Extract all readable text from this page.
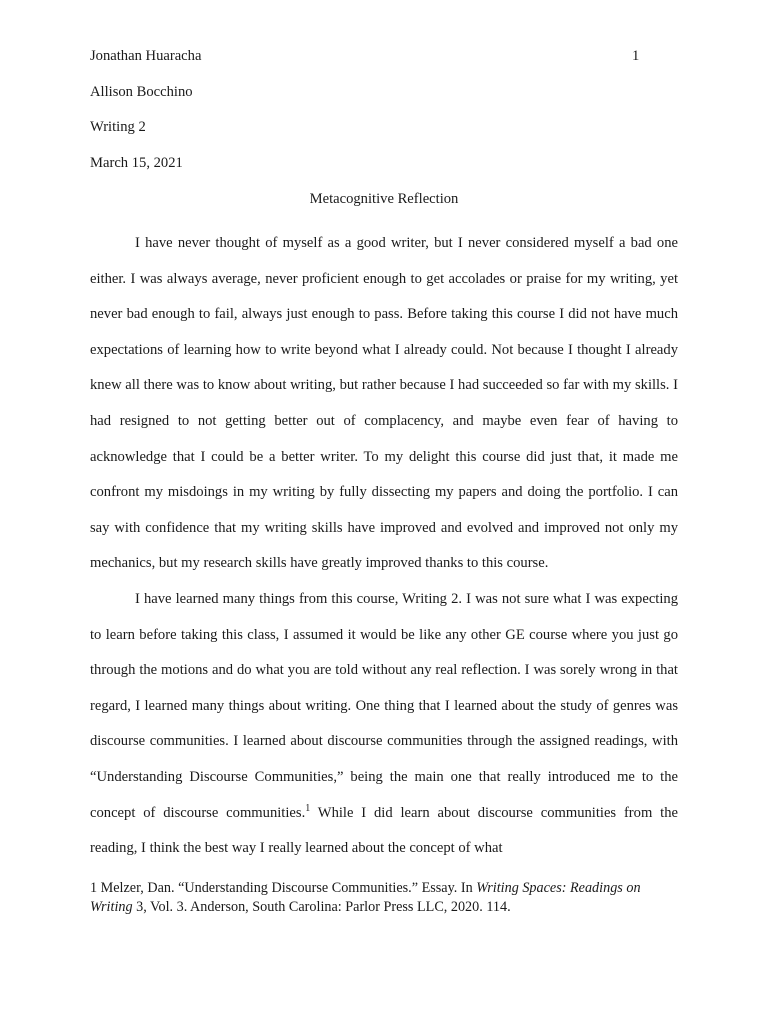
Jonathan Huaracha	1
Allison Bocchino
Writing 2
March 15, 2021
Metacognitive Reflection

I have never thought of myself as a good writer, but I never considered myself a bad one either. I was always average, never proficient enough to get accolades or praise for my writing, yet never bad enough to fail, always just enough to pass. Before taking this course I did not have much expectations of learning how to write beyond what I already could. Not because I thought I already knew all there was to know about writing, but rather because I had succeeded so far with my skills. I had resigned to not getting better out of complacency, and maybe even fear of having to acknowledge that I could be a better writer. To my delight this course did just that, it made me confront my misdoings in my writing by fully dissecting my papers and doing the portfolio. I can say with confidence that my writing skills have improved and evolved and improved not only my mechanics, but my research skills have greatly improved thanks to this course.

I have learned many things from this course, Writing 2. I was not sure what I was expecting to learn before taking this class, I assumed it would be like any other GE course where you just go through the motions and do what you are told without any real reflection. I was sorely wrong in that regard, I learned many things about writing. One thing that I learned about the study of genres was discourse communities. I learned about discourse communities through the assigned readings, with “Understanding Discourse Communities,” being the main one that really introduced me to the concept of discourse communities.$^1$ While I did learn about discourse communities from the reading, I think the best way I really learned about the concept of what

1 Melzer, Dan. “Understanding Discourse Communities.” Essay. In Writing Spaces: Readings on Writing 3, Vol. 3. Anderson, South Carolina: Parlor Press LLC, 2020. 114.
